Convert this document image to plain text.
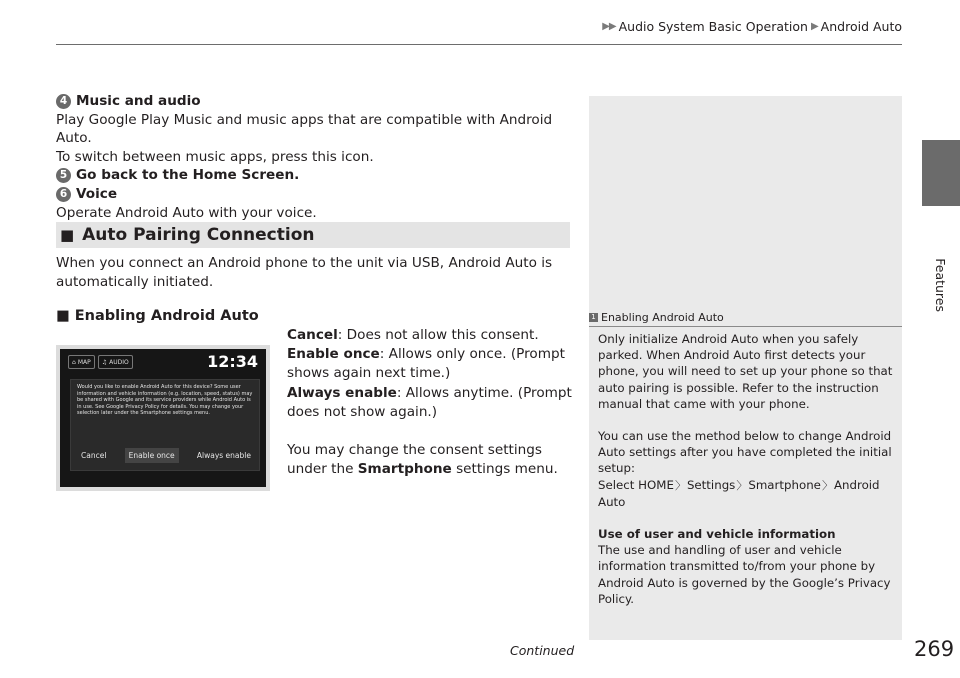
▶▶ Audio System Basic Operation ▶ Android Auto
Features
4 Music and audio
Play Google Play Music and music apps that are compatible with Android Auto.
To switch between music apps, press this icon.
5 Go back to the Home Screen.
6 Voice
Operate Android Auto with your voice.
■ Auto Pairing Connection
When you connect an Android phone to the unit via USB, Android Auto is automatically initiated.
■ Enabling Android Auto
⌂ MAP ♫ AUDIO	12:34
Would you like to enable Android Auto for this device? Some user information and vehicle information (e.g. location, speed, status) may be shared with Google and its service providers while Android Auto is in use. See Google Privacy Policy for details. You may change your selection later under the Smartphone settings menu.
Cancel	Enable once	Always enable
Cancel: Does not allow this consent.
Enable once: Allows only once. (Prompt shows again next time.)
Always enable: Allows anytime. (Prompt does not show again.)
You may change the consent settings under the Smartphone settings menu.
1 Enabling Android Auto

Only initialize Android Auto when you safely parked. When Android Auto first detects your phone, you will need to set up your phone so that auto pairing is possible. Refer to the instruction manual that came with your phone.

You can use the method below to change Android Auto settings after you have completed the initial setup:
Select HOME〉Settings〉Smartphone〉Android Auto

Use of user and vehicle information
The use and handling of user and vehicle information transmitted to/from your phone by Android Auto is governed by the Google’s Privacy Policy.
Continued	269
